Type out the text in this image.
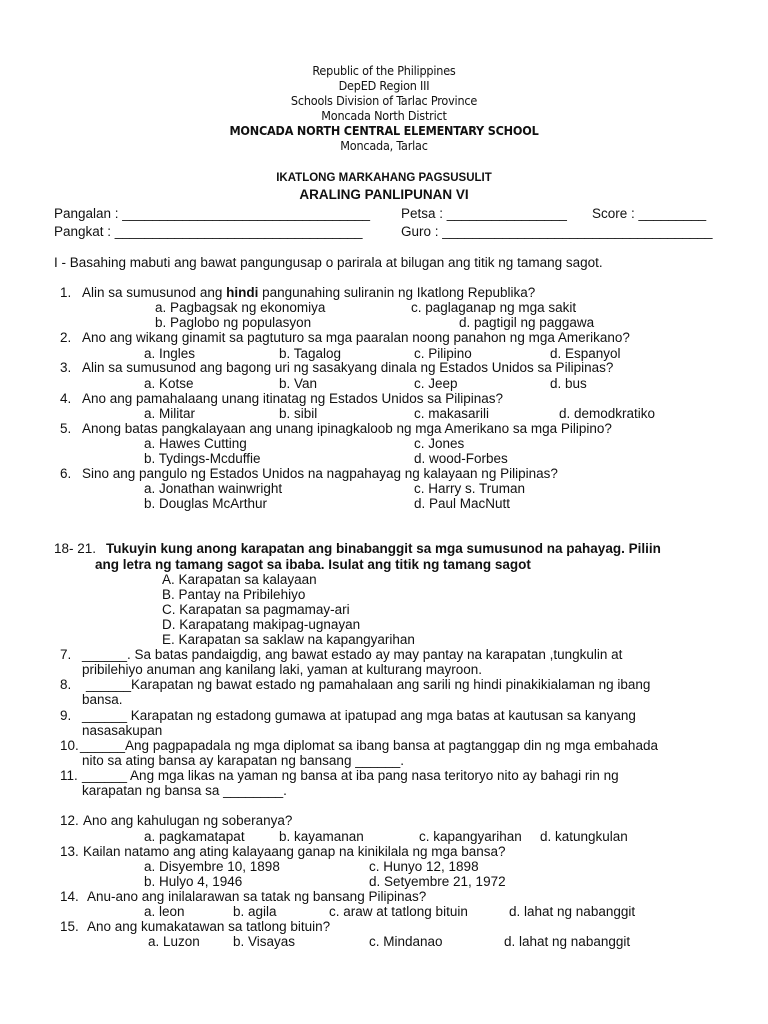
Republic of the Philippines
DepED Region III
Schools Division of Tarlac Province
Moncada North District
MONCADA NORTH CENTRAL ELEMENTARY SCHOOL
Moncada, Tarlac
IKATLONG MARKAHANG PAGSUSULIT
ARALING PANLIPUNAN VI
Pangalan : _________________________________ Petsa : ________________ Score : _________
Pangkat : _________________________________	Guro : ____________________________________
I - Basahing mabuti ang bawat pangungusap o parirala at bilugan ang titik ng tamang sagot.
1. Alin sa sumusunod ang hindi pangunahing suliranin ng Ikatlong Republika?
a. Pagbagsak ng ekonomiya	c. paglaganap ng mga sakit
b. Paglobo ng populasyon	d. pagtigil ng paggawa
2. Ano ang wikang ginamit sa pagtuturo sa mga paaralan noong panahon ng mga Amerikano?
a. Ingles	b. Tagalog	c. Pilipino	d. Espanyol
3. Alin sa sumusunod ang bagong uri ng sasakyang dinala ng Estados Unidos sa Pilipinas?
a. Kotse	b. Van	c. Jeep	d. bus
4. Ano ang pamahalaang unang itinatag ng Estados Unidos sa Pilipinas?
a. Militar	b. sibil	c. makasarili	d. demodkratiko
5. Anong batas pangkalayaan ang unang ipinagkaloob ng mga Amerikano sa mga Pilipino?
a. Hawes Cutting	c. Jones
b. Tydings-Mcduffie	d. wood-Forbes
6. Sino ang pangulo ng Estados Unidos na nagpahayag ng kalayaan ng Pilipinas?
a. Jonathan wainwright	c. Harry s. Truman
b. Douglas McArthur	d. Paul MacNutt
18- 21. Tukuyin kung anong karapatan ang binabanggit sa mga sumusunod na pahayag. Piliin
ang letra ng tamang sagot sa ibaba. Isulat ang titik ng tamang sagot
A. Karapatan sa kalayaan
B. Pantay na Pribilehiyo
C. Karapatan sa pagmamay-ari
D. Karapatang makipag-ugnayan
E. Karapatan sa saklaw na kapangyarihan
7. ______. Sa batas pandaigdig, ang bawat estado ay may pantay na karapatan ,tungkulin at
pribilehiyo anuman ang kanilang laki, yaman at kulturang mayroon.
8. ______Karapatan ng bawat estado ng pamahalaan ang sarili ng hindi pinakikialaman ng ibang
bansa.
9. ______ Karapatan ng estadong gumawa at ipatupad ang mga batas at kautusan sa kanyang
nasasakupan
10. ______Ang pagpapadala ng mga diplomat sa ibang bansa at pagtanggap din ng mga embahada
nito sa ating bansa ay karapatan ng bansang ______.
11. ______ Ang mga likas na yaman ng bansa at iba pang nasa teritoryo nito ay bahagi rin ng
karapatan ng bansa sa ________.
12. Ano ang kahulugan ng soberanya?
a. pagkamatapat	b. kayamanan	c. kapangyarihan d. katungkulan
13. Kailan natamo ang ating kalayaang ganap na kinikilala ng mga bansa?
a. Disyembre 10, 1898	c. Hunyo 12, 1898
b. Hulyo 4, 1946	d. Setyembre 21, 1972
14. Anu-ano ang inilalarawan sa tatak ng bansang Pilipinas?
a. leon	b. agila	c. araw at tatlong bituin	d. lahat ng nabanggit
15. Ano ang kumakatawan sa tatlong bituin?
a. Luzon b. Visayas	c. Mindanao	d. lahat ng nabanggit
